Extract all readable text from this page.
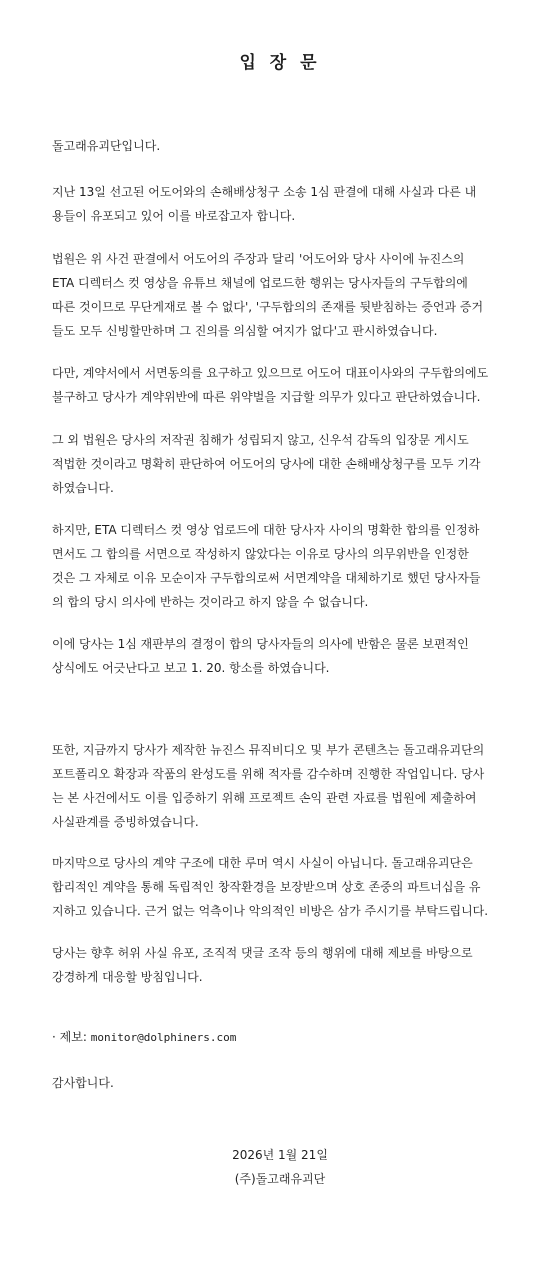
입 장 문

돌고래유괴단입니다.

지난 13일 선고된 어도어와의 손해배상청구 소송 1심 판결에 대해 사실과 다른 내
용들이 유포되고 있어 이를 바로잡고자 합니다.

법원은 위 사건 판결에서 어도어의 주장과 달리 '어도어와 당사 사이에 뉴진스의
ETA 디렉터스 컷 영상을 유튜브 채널에 업로드한 행위는 당사자들의 구두합의에
따른 것이므로 무단게재로 볼 수 없다', '구두합의의 존재를 뒷받침하는 증언과 증거
들도 모두 신빙할만하며 그 진의를 의심할 여지가 없다'고 판시하였습니다.

다만, 계약서에서 서면동의를 요구하고 있으므로 어도어 대표이사와의 구두합의에도
불구하고 당사가 계약위반에 따른 위약벌을 지급할 의무가 있다고 판단하였습니다.

그 외 법원은 당사의 저작권 침해가 성립되지 않고, 신우석 감독의 입장문 게시도
적법한 것이라고 명확히 판단하여 어도어의 당사에 대한 손해배상청구를 모두 기각
하였습니다.

하지만, ETA 디렉터스 컷 영상 업로드에 대한 당사자 사이의 명확한 합의를 인정하
면서도 그 합의를 서면으로 작성하지 않았다는 이유로 당사의 의무위반을 인정한
것은 그 자체로 이유 모순이자 구두합의로써 서면계약을 대체하기로 했던 당사자들
의 합의 당시 의사에 반하는 것이라고 하지 않을 수 없습니다.

이에 당사는 1심 재판부의 결정이 합의 당사자들의 의사에 반함은 물론 보편적인
상식에도 어긋난다고 보고 1. 20. 항소를 하였습니다.

또한, 지금까지 당사가 제작한 뉴진스 뮤직비디오 및 부가 콘텐츠는 돌고래유괴단의
포트폴리오 확장과 작품의 완성도를 위해 적자를 감수하며 진행한 작업입니다. 당사
는 본 사건에서도 이를 입증하기 위해 프로젝트 손익 관련 자료를 법원에 제출하여
사실관계를 증빙하였습니다.

마지막으로 당사의 계약 구조에 대한 루머 역시 사실이 아닙니다. 돌고래유괴단은
합리적인 계약을 통해 독립적인 창작환경을 보장받으며 상호 존중의 파트너십을 유
지하고 있습니다. 근거 없는 억측이나 악의적인 비방은 삼가 주시기를 부탁드립니다.

당사는 향후 허위 사실 유포, 조직적 댓글 조작 등의 행위에 대해 제보를 바탕으로
강경하게 대응할 방침입니다.

· 제보: monitor@dolphiners.com

감사합니다.

2026년 1월 21일

(주)돌고래유괴단
